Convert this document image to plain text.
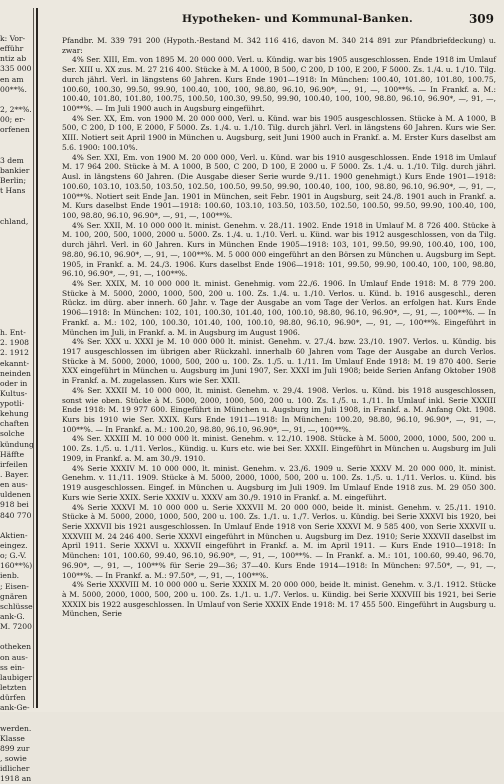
k: Vor-
efführ
ntiz ab
335 000
en am
00**%.
2, 2**%.
00; er-
orfenen
3 dem
bankier
Berlin;
t Hans
chland,
h. Ent-
2. 1908
2. 1912
ekannt-
neinden
oder in
Kultus-
ypotli-
kehung
chaften
solche
kündung
Häffte
irfeilen
. Bayer.
en aus-
uldenen
918 bei
840 770
Aktien-
eingez.
o; G.-V.
160**%)
ienb.
; Eisen-
gnären
schlüsse
ank-G.
M. 7200
otheken
on aus-
ss ein-
laubiger
letzten
dürfen
ank-Ge-
werden.
Klasse
899 zur
, sowie
idlicher
1918 an
Hypotheken- und Kommunal-Banken.	309

Pfandbr. M. 339 791 200 (Hypoth.-Bestand M. 342 116 416, davon M. 340 214 891 zur Pfandbriefdeckung) u. zwar:

4% Ser. XIII, Em. von 1895 M. 20 000 000. Verl. u. Kündig. war bis 1905 ausgeschlossen. Ende 1918 im Umlauf Ser. XIII u. XX zus. M. 27 216 400. Stücke à M. A 1000, B 500, C 200, D 100, E 200, F 5000. Zs. 1./4. u. 1./10. Tilg. durch jährl. Verl. in längstens 60 Jahren. Kurs Ende 1901—1918: In München: 100.40, 101.80, 101.80, 100.75, 100.60, 100.30, 99.50, 99.90, 100.40, 100, 100, 98.80, 96.10, 96.90*, —, 91, —, 100**%. — In Frankf. a. M.: 100.40, 101.80, 101.80, 100.75, 100.50, 100.30, 99.50, 99.90, 100.40, 100, 100, 98.80, 96.10, 96.90*, —, 91, —, 100**%. — Im Juli 1900 auch in Augsburg eingeführt.

4% Ser. XX, Em. von 1900 M. 20 000 000, Verl. u. Künd. war bis 1905 ausgeschlossen. Stücke à M. A 1000, B 500, C 200, D 100, E 2000, F 5000. Zs. 1./4. u. 1./10. Tilg. durch jährl. Verl. in längstens 60 Jahren. Kurs wie Ser. XIII. Notiert seit April 1900 in München u. Augsburg, seit Juni 1900 auch in Frankf. a. M. Erster Kurs daselbst am 5.6. 1900: 100.10%.

4% Ser. XXI, Em. von 1900 M. 20 000 000, Verl. u. Künd. war bis 1910 ausgeschlossen. Ende 1918 im Umlauf M. 17 964 200. Stücke à M. A 1000, B 500, C 200, D 100, E 2000 u. F 5000. Zs. 1./4. u. 1./10. Tilg. durch jährl. Ausl. in längstens 60 Jahren. (Die Ausgabe dieser Serie wurde 9./11. 1900 genehmigt.) Kurs Ende 1901—1918: 100.60, 103.10, 103.50, 103.50, 102.50, 100.50, 99.50, 99.90, 100.40, 100, 100, 98.80, 96.10, 96.90*, —, 91, —, 100**%. Notiert seit Ende Jan. 1901 in München, seit Febr. 1901 in Augsburg, seit 24./8. 1901 auch in Frankf. a. M. Kurs daselbst Ende 1901—1918: 100.60, 103.10, 103.50, 103.50, 102.50, 100.50, 99.50, 99.90, 100.40, 100, 100, 98.80, 96.10, 96.90*, —, 91, —, 100**%.

4% Ser. XXII, M. 10 000 000 lt. minist. Genehm. v. 28./11. 1902. Ende 1918 in Umlauf M. 8 726 400. Stücke à M. 100, 200, 500, 1000, 2000 u. 5000. Zs. 1./4. u. 1./10. Verl. u. Künd. war bis 1912 ausgeschlossen, von da Tilg. durch jährl. Verl. in 60 Jahren. Kurs in München Ende 1905—1918: 103, 101, 99.50, 99.90, 100.40, 100, 100, 98.80, 96.10, 96.90*, —, 91, —, 100**%. M. 5 000 000 eingeführt an den Börsen zu München u. Augsburg im Sept. 1905, in Frankf. a. M. 24./3. 1906. Kurs daselbst Ende 1906—1918: 101, 99.50, 99.90, 100.40, 100, 100, 98.80, 96.10, 96.90*, —, 91, —, 100**%.

4% Ser. XXIX, M. 10 000 000 lt. minist. Genehmig. vom 22./6. 1906. In Umlauf Ende 1918: M. 8 779 200. Stücke à M. 5000, 2000, 1000, 500, 200 u. 100. Zs. 1./4. u. 1./10. Verlos. u. Künd. b. 1916 ausgeschl., deren Rückz. im dürg. aber innerh. 60 Jahr. v. Tage der Ausgabe an vom Tage der Verlos. an erfolgen hat. Kurs Ende 1906—1918: In München: 102, 101, 100.30, 101.40, 100, 100.10, 98.80, 96.10, 96.90*, —, 91, —, 100**%. — In Frankf. a. M.: 102, 100, 100.30, 101.40, 100, 100.10, 98.80, 96.10, 96.90*, —, 91, —, 100**%. Eingeführt in München im Juli, in Frankf. a. M. in Augsburg im August 1906.

4% Ser. XXX u. XXXI je M. 10 000 000 lt. minist. Genehm. v. 27./4. bzw. 23./10. 1907. Verlos. u. Kündig. bis 1917 ausgeschlossen im übrigen aber Rückzahl. innerhalb 60 Jahren vom Tage der Ausgabe an durch Verlos. Stücke à M. 5000, 2000, 1000, 500, 200 u. 100. Zs. 1./5. u. 1./11. Im Umlauf Ende 1918: M. 19 870 400. Serie XXX eingeführt in München u. Augsburg im Juni 1907, Ser. XXXI im Juli 1908; beide Serien Anfang Oktober 1908 in Frankf. a. M. zugelassen. Kurs wie Ser. XXII.

4% Ser. XXXII M. 10 000 000, lt. minist. Genehm. v. 29./4. 1908. Verlos. u. Künd. bis 1918 ausgeschlossen, sonst wie oben. Stücke à M. 5000, 2000, 1000, 500, 200 u. 100. Zs. 1./5. u. 1./11. In Umlauf inkl. Serie XXXIII Ende 1918: M. 19 977 600. Eingeführt in München u. Augsburg im Juli 1908, in Frankf. a. M. Anfang Okt. 1908. Kurs bis 1910 wie Ser. XXIX. Kurs Ende 1911—1918: In München: 100.20, 98.80, 96.10, 96.90*, —, 91, —, 100**%. — In Frankf. a. M.: 100.20, 98.80, 96.10, 96.90*, —, 91, —, 100**%.

4% Ser. XXXIII M. 10 000 000 lt. minist. Genehm. v. 12./10. 1908. Stücke à M. 5000, 2000, 1000, 500, 200 u. 100. Zs. 1./5. u. 1./11. Verlos., Kündig. u. Kurs etc. wie bei Ser. XXXII. Eingeführt in München u. Augsburg im Juli 1909, in Frankf. a. M. am 30./9. 1910.

4% Serie XXXIV M. 10 000 000, lt. minist. Genehm. v. 23./6. 1909 u. Serie XXXV M. 20 000 000, lt. minist. Genehm. v. 11./11. 1909. Stücke à M. 5000, 2000, 1000, 500, 200 u. 100. Zs. 1./5. u. 1./11. Verlos. u. Künd. bis 1919 ausgeschlossen. Eingef. in München u. Augsburg im Juli 1909. Im Umlauf Ende 1918 zus. M. 29 050 300. Kurs wie Serie XXIX. Serie XXXIV u. XXXV am 30./9. 1910 in Frankf. a. M. eingeführt.

4% Serie XXXVI M. 10 000 000 u. Serie XXXVII M. 20 000 000, beide lt. minist. Genehm. v. 25./11. 1910. Stücke à M. 5000, 2000, 1000, 500, 200 u. 100. Zs. 1./1. u. 1./7. Verlos. u. Kündig. bei Serie XXXVI bis 1920, bei Serie XXXVII bis 1921 ausgeschlossen. In Umlauf Ende 1918 von Serie XXXVI M. 9 585 400, von Serie XXXVII u. XXXVIII M. 24 246 400. Serie XXXVI eingeführt in München u. Augsburg im Dez. 1910; Serie XXXVII daselbst im April 1911. Serie XXXVI u. XXXVII eingeführt in Frankf. a. M. im April 1911. — Kurs Ende 1910—1918: In München: 101, 100.60, 99.40, 96.10, 96.90*, —, 91, —, 100**%. — In Frankf. a. M.: 101, 100.60, 99.40, 96.70, 96.90*, —, 91, —, 100**% für Serie 29—36; 37—40. Kurs Ende 1914—1918: In München: 97.50*, —, 91, —, 100**%. — In Frankf. a. M.: 97.50*, —, 91, —, 100**%.

4% Serie XXXVIII M. 10 000 000 u. Serie XXXIX M. 20 000 000, beide lt. minist. Genehm. v. 3./1. 1912. Stücke à M. 5000, 2000, 1000, 500, 200 u. 100. Zs. 1./1. u. 1./7. Verlos. u. Kündig. bei Serie XXXVIII bis 1921, bei Serie XXXIX bis 1922 ausgeschlossen. In Umlauf von Serie XXXIX Ende 1918: M. 17 455 500. Eingeführt in Augsburg u. München, Serie
